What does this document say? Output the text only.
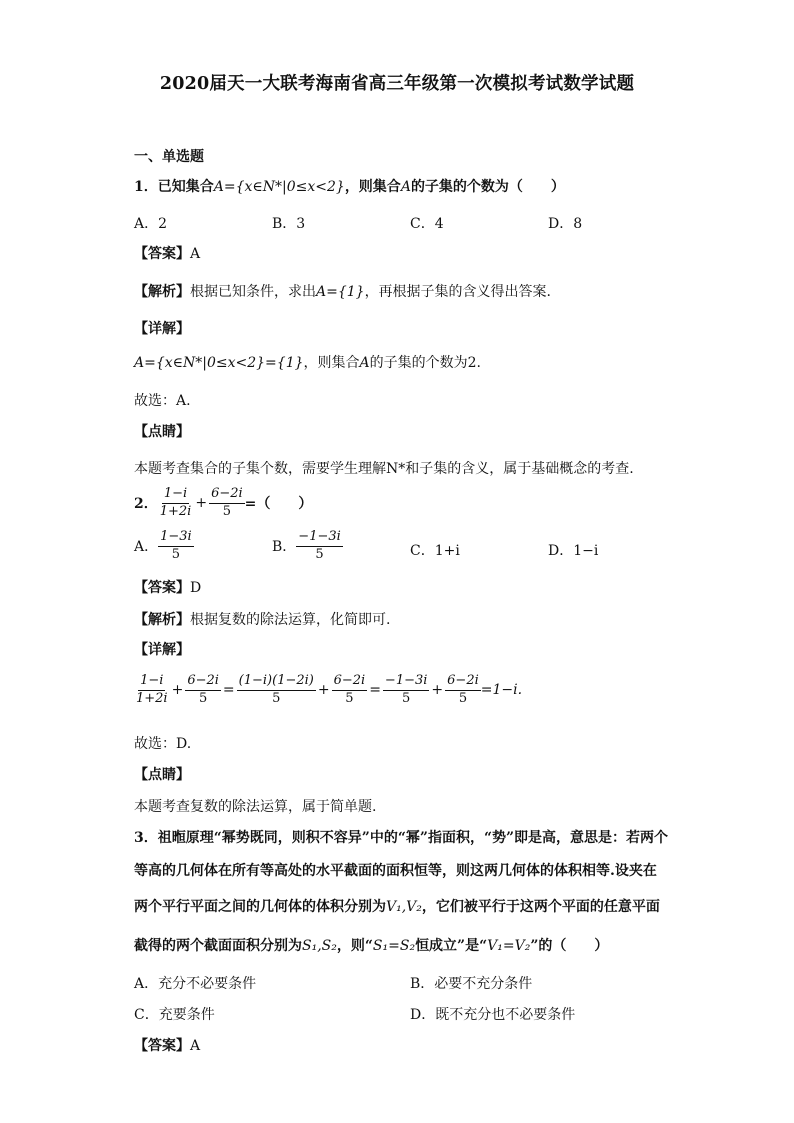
2020届天一大联考海南省高三年级第一次模拟考试数学试题
一、单选题
1．已知集合A={x∈N*|0≤x<2}，则集合A的子集的个数为（　　）
A．2	B．3	C．4	D．8
【 答案 】 A
【 解析 】 根据已知条件，求出A={1}，再根据子集的含义得出答案.
【详解】
A={x∈N*|0≤x<2}={1}，则集合A的子集的个数为2.
故选：A.
【点睛】
本题考查集合的子集个数，需要学生理解N*和子集的含义，属于基础概念的考查.
2． $\frac{1-i}{1+2i} + \frac{6-2i}{5}$ =（　　）
A． $\frac{1-3i}{5}$	B． $\frac{-1-3i}{5}$	C．1+i	D．1−i
【 答案 】 D
【 解析 】 根据复数的除法运算，化简即可.
【详解】
$\frac{1-i}{1+2i} + \frac{6-2i}{5} = \frac{(1-i)(1-2i)}{5} + \frac{6-2i}{5} = \frac{-1-3i}{5} + \frac{6-2i}{5} =1-i$.
故选：D.
【点睛】
本题考查复数的除法运算，属于简单题.
3．祖暅原理“幂势既同，则积不容异”中的“幂”指面积，“势”即是高，意思是：若两个
等高的几何体在所有等高处的水平截面的面积恒等，则这两几何体的体积相等.设夹在
两个平行平面之间的几何体的体积分别为V₁,V₂，它们被平行于这两个平面的任意平面
截得的两个截面面积分别为S₁,S₂，则“S₁=S₂恒成立”是“V₁=V₂”的（　　）
A．充分不必要条件	B．必要不充分条件
C．充要条件	D．既不充分也不必要条件
【 答案 】 A
